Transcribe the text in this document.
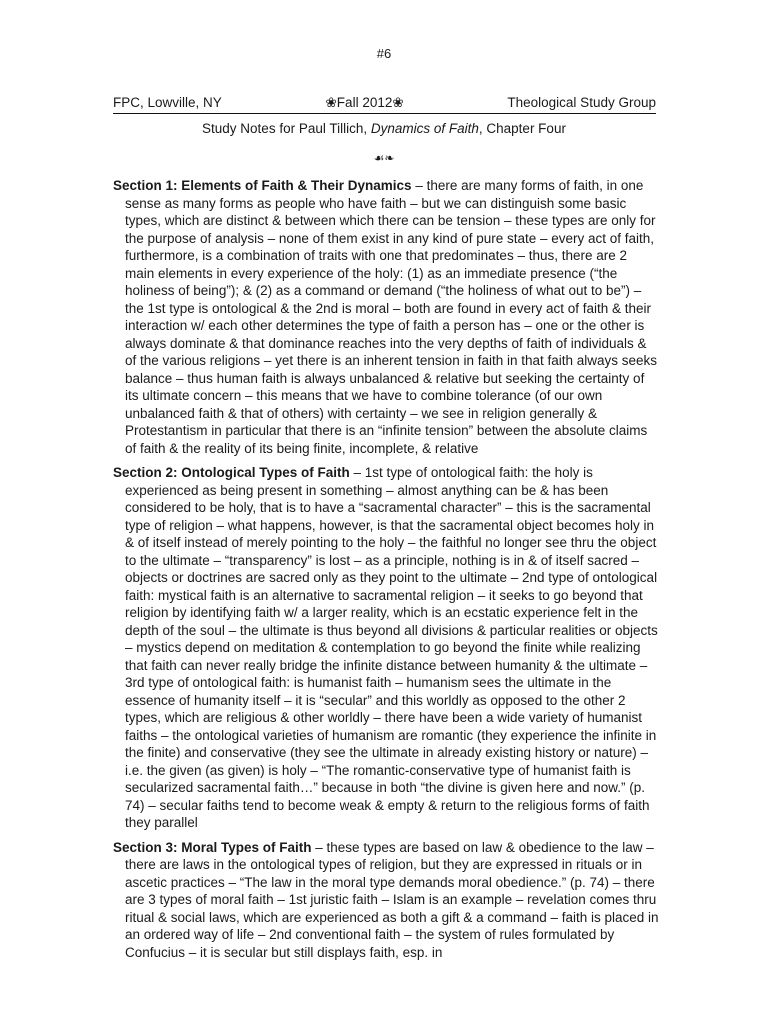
#6
FPC, Lowville, NY	❀Fall 2012❀	Theological Study Group
Study Notes for Paul Tillich, Dynamics of Faith, Chapter Four
☙❧

Section 1: Elements of Faith & Their Dynamics – there are many forms of faith, in one sense as many forms as people who have faith – but we can distinguish some basic types, which are distinct & between which there can be tension – these types are only for the purpose of analysis – none of them exist in any kind of pure state – every act of faith, furthermore, is a combination of traits with one that predominates – thus, there are 2 main elements in every experience of the holy: (1) as an immediate presence (“the holiness of being”); & (2) as a command or demand (“the holiness of what out to be”) – the 1st type is ontological & the 2nd is moral – both are found in every act of faith & their interaction w/ each other determines the type of faith a person has – one or the other is always dominate & that dominance reaches into the very depths of faith of individuals & of the various religions – yet there is an inherent tension in faith in that faith always seeks balance – thus human faith is always unbalanced & relative but seeking the certainty of its ultimate concern – this means that we have to combine tolerance (of our own unbalanced faith & that of others) with certainty – we see in religion generally & Protestantism in particular that there is an “infinite tension” between the absolute claims of faith & the reality of its being finite, incomplete, & relative

Section 2: Ontological Types of Faith – 1st type of ontological faith: the holy is experienced as being present in something – almost anything can be & has been considered to be holy, that is to have a “sacramental character” – this is the sacramental type of religion – what happens, however, is that the sacramental object becomes holy in & of itself instead of merely pointing to the holy – the faithful no longer see thru the object to the ultimate – “transparency” is lost – as a principle, nothing is in & of itself sacred – objects or doctrines are sacred only as they point to the ultimate – 2nd type of ontological faith: mystical faith is an alternative to sacramental religion – it seeks to go beyond that religion by identifying faith w/ a larger reality, which is an ecstatic experience felt in the depth of the soul – the ultimate is thus beyond all divisions & particular realities or objects – mystics depend on meditation & contemplation to go beyond the finite while realizing that faith can never really bridge the infinite distance between humanity & the ultimate – 3rd type of ontological faith: is humanist faith – humanism sees the ultimate in the essence of humanity itself – it is “secular” and this worldly as opposed to the other 2 types, which are religious & other worldly – there have been a wide variety of humanist faiths – the ontological varieties of humanism are romantic (they experience the infinite in the finite) and conservative (they see the ultimate in already existing history or nature) – i.e. the given (as given) is holy – “The romantic-conservative type of humanist faith is secularized sacramental faith…” because in both “the divine is given here and now.” (p. 74) – secular faiths tend to become weak & empty & return to the religious forms of faith they parallel

Section 3: Moral Types of Faith – these types are based on law & obedience to the law – there are laws in the ontological types of religion, but they are expressed in rituals or in ascetic practices – “The law in the moral type demands moral obedience.” (p. 74) – there are 3 types of moral faith – 1st juristic faith – Islam is an example – revelation comes thru ritual & social laws, which are experienced as both a gift & a command – faith is placed in an ordered way of life – 2nd conventional faith – the system of rules formulated by Confucius – it is secular but still displays faith, esp. in
